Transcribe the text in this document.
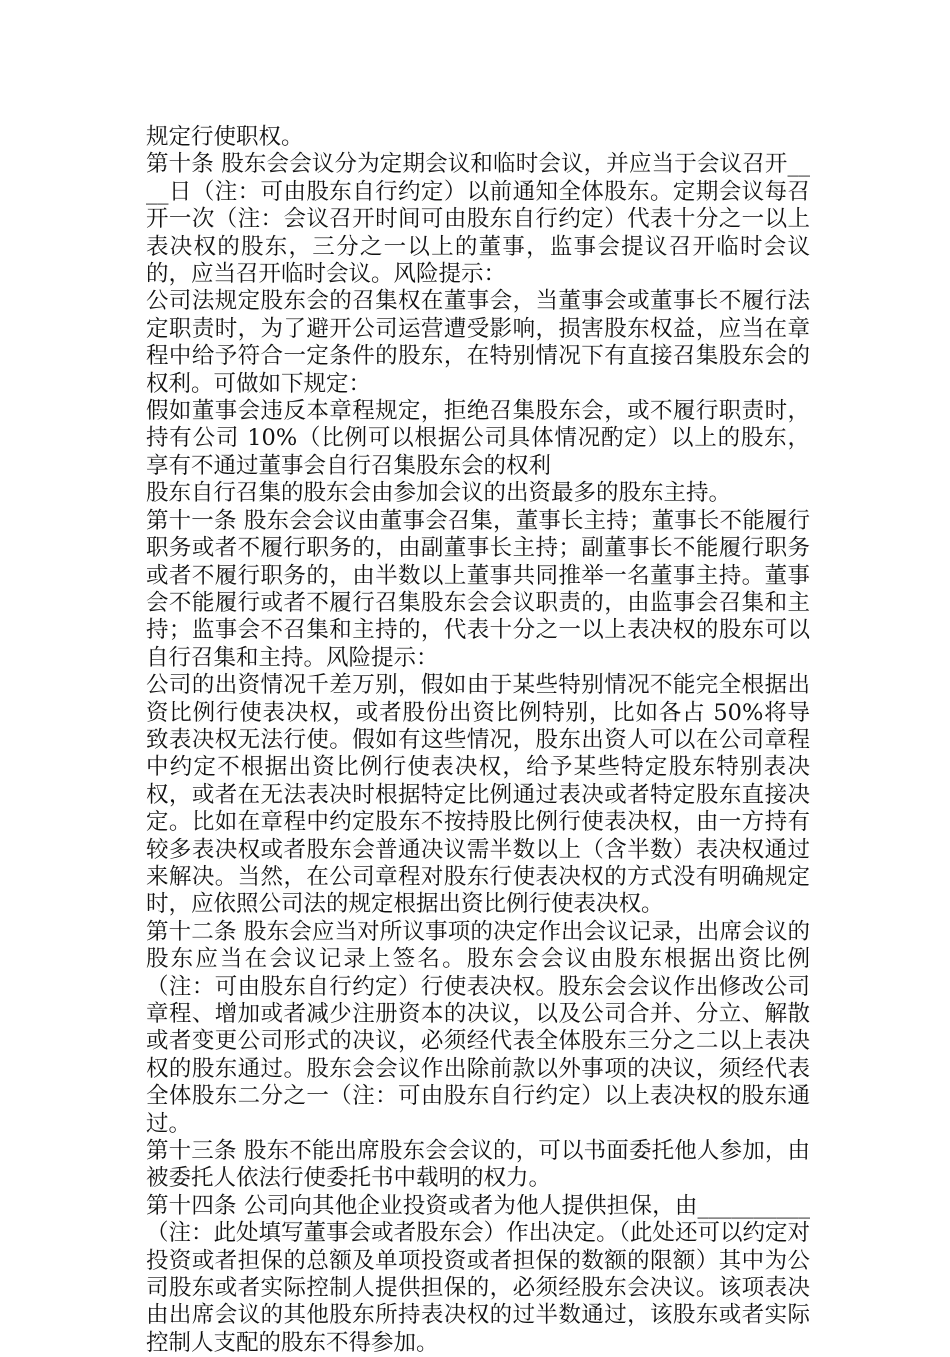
规定行使职权。

第十条 股东会会议分为定期会议和临时会议，并应当于会议召开____日（注：可由股东自行约定）以前通知全体股东。定期会议每召开一次（注：会议召开时间可由股东自行约定）代表十分之一以上表决权的股东，三分之一以上的董事，监事会提议召开临时会议的，应当召开临时会议。风险提示：

公司法规定股东会的召集权在董事会，当董事会或董事长不履行法定职责时，为了避开公司运营遭受影响，损害股东权益，应当在章程中给予符合一定条件的股东，在特别情况下有直接召集股东会的权利。可做如下规定：

假如董事会违反本章程规定，拒绝召集股东会，或不履行职责时，持有公司 10%（比例可以根据公司具体情况酌定）以上的股东，享有不通过董事会自行召集股东会的权利

股东自行召集的股东会由参加会议的出资最多的股东主持。

第十一条 股东会会议由董事会召集，董事长主持；董事长不能履行职务或者不履行职务的，由副董事长主持；副董事长不能履行职务或者不履行职务的，由半数以上董事共同推举一名董事主持。董事会不能履行或者不履行召集股东会会议职责的，由监事会召集和主持；监事会不召集和主持的，代表十分之一以上表决权的股东可以自行召集和主持。风险提示：

公司的出资情况千差万别，假如由于某些特别情况不能完全根据出资比例行使表决权，或者股份出资比例特别，比如各占 50%将导致表决权无法行使。假如有这些情况，股东出资人可以在公司章程中约定不根据出资比例行使表决权，给予某些特定股东特别表决权，或者在无法表决时根据特定比例通过表决或者特定股东直接决定。比如在章程中约定股东不按持股比例行使表决权，由一方持有较多表决权或者股东会普通决议需半数以上（含半数）表决权通过来解决。当然，在公司章程对股东行使表决权的方式没有明确规定时，应依照公司法的规定根据出资比例行使表决权。

第十二条 股东会应当对所议事项的决定作出会议记录，出席会议的股东应当在会议记录上签名。股东会会议由股东根据出资比例（注：可由股东自行约定）行使表决权。股东会会议作出修改公司章程、增加或者减少注册资本的决议，以及公司合并、分立、解散或者变更公司形式的决议，必须经代表全体股东三分之二以上表决权的股东通过。股东会会议作出除前款以外事项的决议，须经代表全体股东二分之一（注：可由股东自行约定）以上表决权的股东通过。

第十三条 股东不能出席股东会会议的，可以书面委托他人参加，由被委托人依法行使委托书中载明的权力。

第十四条 公司向其他企业投资或者为他人提供担保，由__________（注：此处填写董事会或者股东会）作出决定。（此处还可以约定对投资或者担保的总额及单项投资或者担保的数额的限额）其中为公司股东或者实际控制人提供担保的，必须经股东会决议。该项表决由出席会议的其他股东所持表决权的过半数通过，该股东或者实际控制人支配的股东不得参加。
